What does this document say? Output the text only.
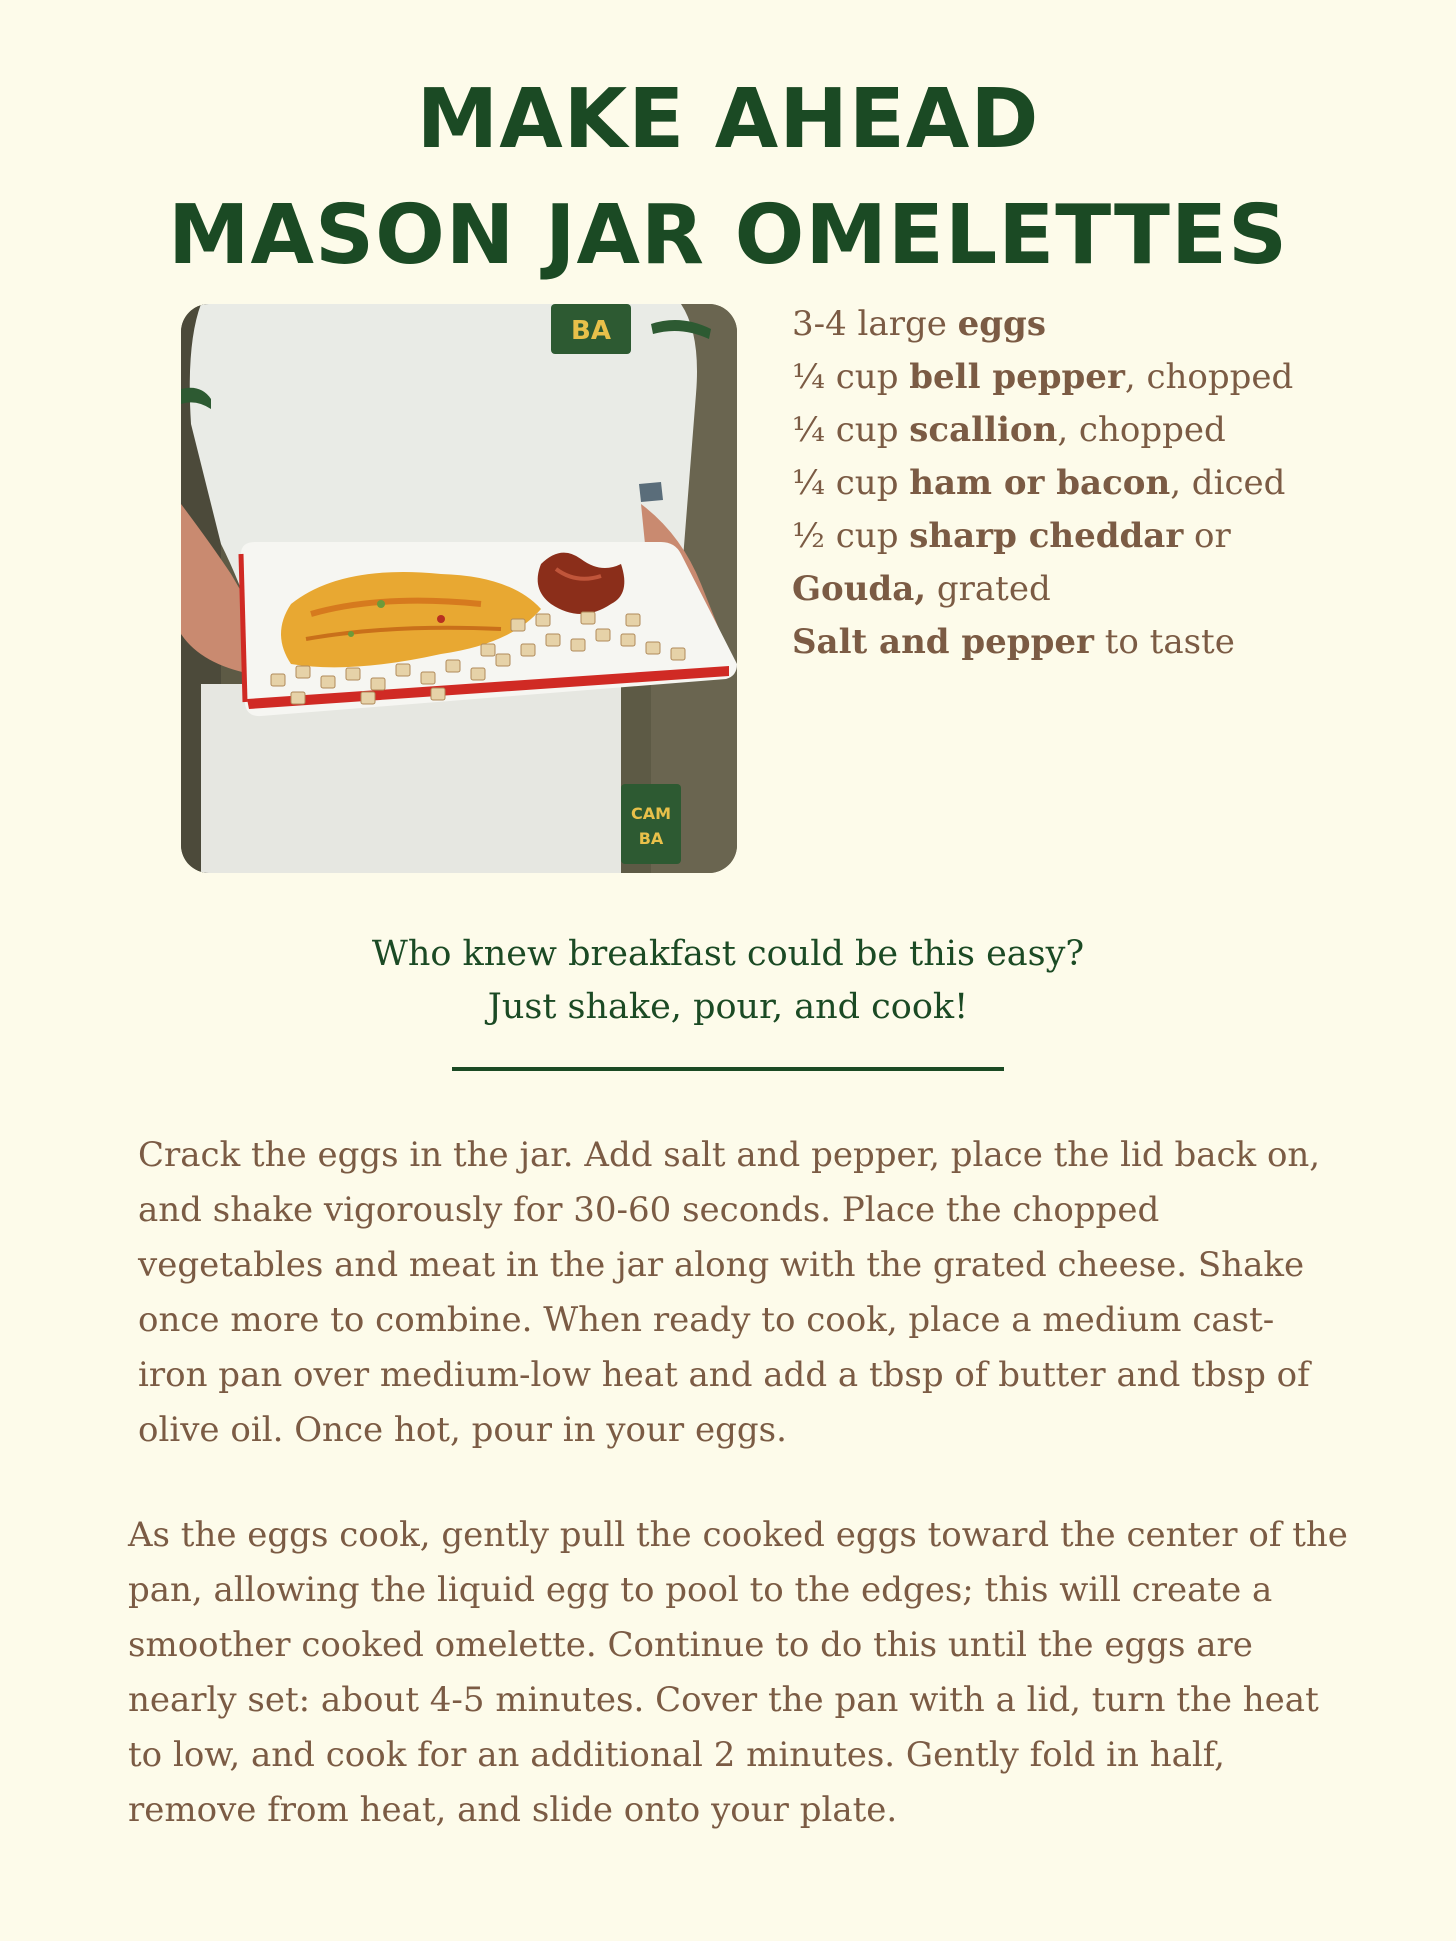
MAKE AHEAD
MASON JAR OMELETTES
BA
CAM
BA

3-4 large eggs

¼ cup bell pepper, chopped

¼ cup scallion, chopped

¼ cup ham or bacon, diced

½ cup sharp cheddar or

Gouda, grated

Salt and pepper to taste

Who knew breakfast could be this easy?
Just shake, pour, and cook!

Crack the eggs in the jar. Add salt and pepper, place the lid back on, and shake vigorously for 30-60 seconds. Place the chopped vegetables and meat in the jar along with the grated cheese. Shake once more to combine. When ready to cook, place a medium cast-iron pan over medium-low heat and add a tbsp of butter and tbsp of olive oil. Once hot, pour in your eggs.

As the eggs cook, gently pull the cooked eggs toward the center of the pan, allowing the liquid egg to pool to the edges; this will create a smoother cooked omelette. Continue to do this until the eggs are nearly set: about 4-5 minutes. Cover the pan with a lid, turn the heat to low, and cook for an additional 2 minutes. Gently fold in half, remove from heat, and slide onto your plate.
